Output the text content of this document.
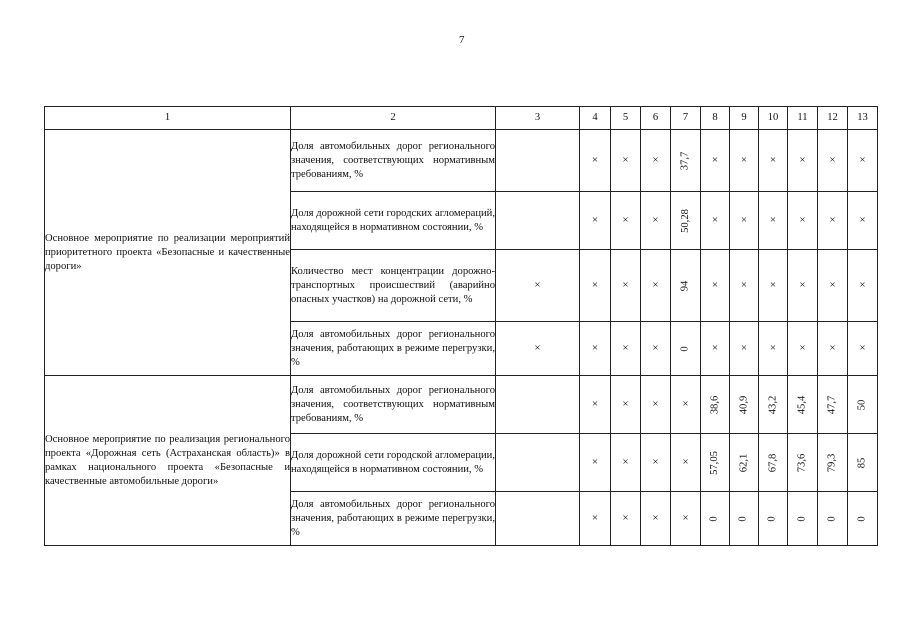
7
1	2	3	4	5	6	7	8	9	10	11	12	13
Основное мероприятие по реализации мероприятий приоритетного проекта «Безопасные и качественные дороги»	Доля автомобильных дорог регионального значения, соответствующих нормативным требованиям, %		×	×	×	37,7	×	×	×	×	×	×
	Доля дорожной сети городских агломераций, находящейся в нормативном состоянии, %		×	×	×	50,28	×	×	×	×	×	×
	Количество мест концентрации дорожно-транспортных происшествий (аварийно опасных участков) на дорожной сети, %	×	×	×	×	94	×	×	×	×	×	×
	Доля автомобильных дорог регионального значения, работающих в режиме перегрузки, %	×	×	×	×	0	×	×	×	×	×	×
Основное мероприятие по реализация регионального проекта «Дорожная сеть (Астраханская область)» в рамках национального проекта «Безопасные и качественные автомобильные дороги»	Доля автомобильных дорог регионального значения, соответствующих нормативным требованиям, %		×	×	×	×	38,6	40,9	43,2	45,4	47,7	50
	Доля дорожной сети городской агломерации, находящейся в нормативном состоянии, %		×	×	×	×	57,05	62,1	67,8	73,6	79,3	85
	Доля автомобильных дорог регионального значения, работающих в режиме перегрузки, %		×	×	×	×	0	0	0	0	0	0
